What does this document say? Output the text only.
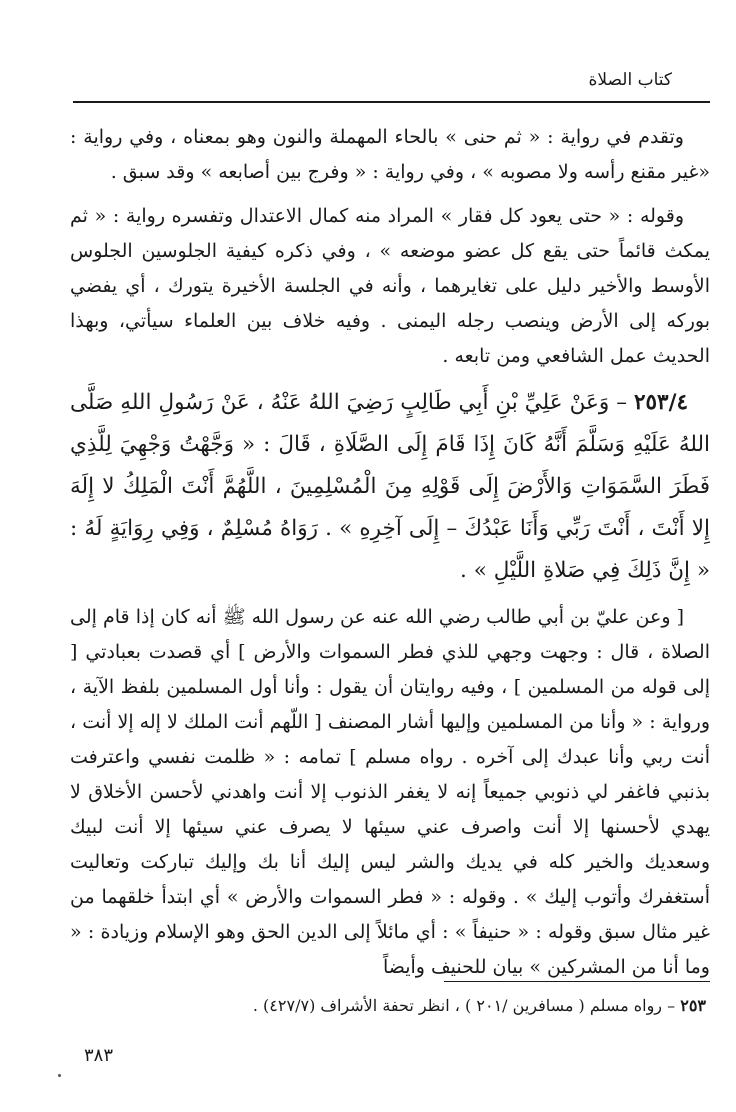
كتاب الصلاة

وتقدم في رواية : « ثم حنى » بالحاء المهملة والنون وهو بمعناه ، وفي رواية : «غير مقنع رأسه ولا مصوبه » ، وفي رواية : « وفرج بين أصابعه » وقد سبق .

وقوله : « حتى يعود كل فقار » المراد منه كمال الاعتدال وتفسره رواية : « ثم يمكث قائماً حتى يقع كل عضو موضعه » ، وفي ذكره كيفية الجلوسين الجلوس الأوسط والأخير دليل على تغايرهما ، وأنه في الجلسة الأخيرة يتورك ، أي يفضي بوركه إلى الأرض وينصب رجله اليمنى . وفيه خلاف بين العلماء سيأتي، وبهذا الحديث عمل الشافعي ومن تابعه .

٢٥٣/٤ – وَعَنْ عَلِيِّ بْنِ أَبِي طَالِبٍ رَضِيَ اللهُ عَنْهُ ، عَنْ رَسُولِ اللهِ صَلَّى اللهُ عَلَيْهِ وَسَلَّمَ أَنَّهُ كَانَ إِذَا قَامَ إِلَى الصَّلَاةِ ، قَالَ : « وَجَّهْتُ وَجْهِيَ لِلَّذِي فَطَرَ السَّمَوَاتِ وَالأَرْضَ إِلَى قَوْلِهِ مِنَ الْمُسْلِمِينَ ، اللَّهُمَّ أَنْتَ الْمَلِكُ لا إِلَهَ إِلا أَنْتَ ، أَنْتَ رَبِّي وَأَنَا عَبْدُكَ – إِلَى آخِرِهِ » . رَوَاهُ مُسْلِمٌ ، وَفِي رِوَايَةٍ لَهُ : « إِنَّ ذَلِكَ فِي صَلاةِ اللَّيْلِ » .

[ وعن عليّ بن أبي طالب رضي الله عنه عن رسول الله ﷺ أنه كان إذا قام إلى الصلاة ، قال : وجهت وجهي للذي فطر السموات والأرض ] أي قصدت بعبادتي [ إلى قوله من المسلمين ] ، وفيه روايتان أن يقول : وأنا أول المسلمين بلفظ الآية ، ورواية : « وأنا من المسلمين وإليها أشار المصنف [ اللّهم أنت الملك لا إله إلا أنت ، أنت ربي وأنا عبدك إلى آخره . رواه مسلم ] تمامه : « ظلمت نفسي واعترفت بذنبي فاغفر لي ذنوبي جميعاً إنه لا يغفر الذنوب إلا أنت واهدني لأحسن الأخلاق لا يهدي لأحسنها إلا أنت واصرف عني سيئها لا يصرف عني سيئها إلا أنت لبيك وسعديك والخير كله في يديك والشر ليس إليك أنا بك وإليك تباركت وتعاليت أستغفرك وأتوب إليك » . وقوله : « فطر السموات والأرض » أي ابتدأ خلقهما من غير مثال سبق وقوله : « حنيفاً » : أي مائلاً إلى الدين الحق وهو الإسلام وزيادة : « وما أنا من المشركين » بيان للحنيف وأيضاً

٢٥٣ – رواه مسلم ( مسافرين /٢٠١ ) ، انظر تحفة الأشراف (٤٢٧/٧) .
٣٨٣
